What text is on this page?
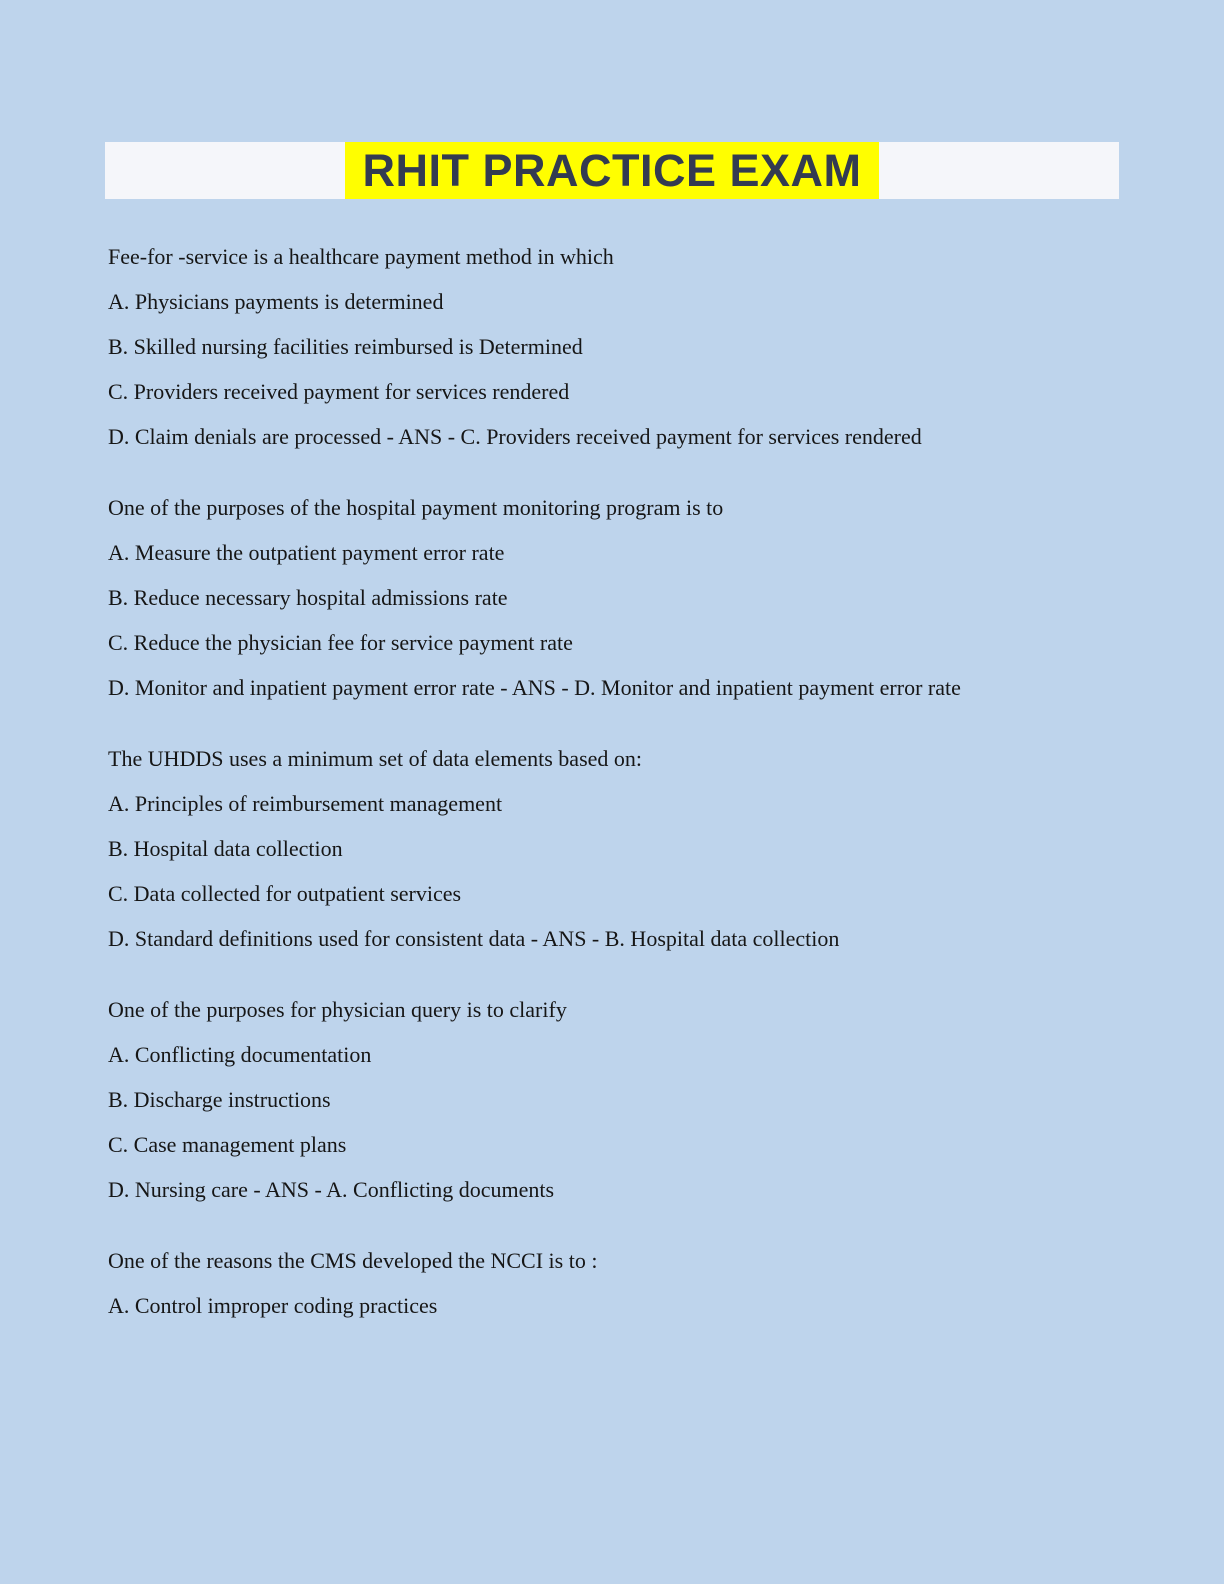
RHIT PRACTICE EXAM

Fee-for -service is a healthcare payment method in which

A. Physicians payments is determined

B. Skilled nursing facilities reimbursed is Determined

C. Providers received payment for services rendered

D. Claim denials are processed - ANS - C. Providers received payment for services rendered

One of the purposes of the hospital payment monitoring program is to

A. Measure the outpatient payment error rate

B. Reduce necessary hospital admissions rate

C. Reduce the physician fee for service payment rate

D. Monitor and inpatient payment error rate - ANS - D. Monitor and inpatient payment error rate

The UHDDS uses a minimum set of data elements based on:

A. Principles of reimbursement management

B. Hospital data collection

C. Data collected for outpatient services

D. Standard definitions used for consistent data - ANS - B. Hospital data collection

One of the purposes for physician query is to clarify

A. Conflicting documentation

B. Discharge instructions

C. Case management plans

D. Nursing care - ANS - A. Conflicting documents

One of the reasons the CMS developed the NCCI is to :

A. Control improper coding practices
